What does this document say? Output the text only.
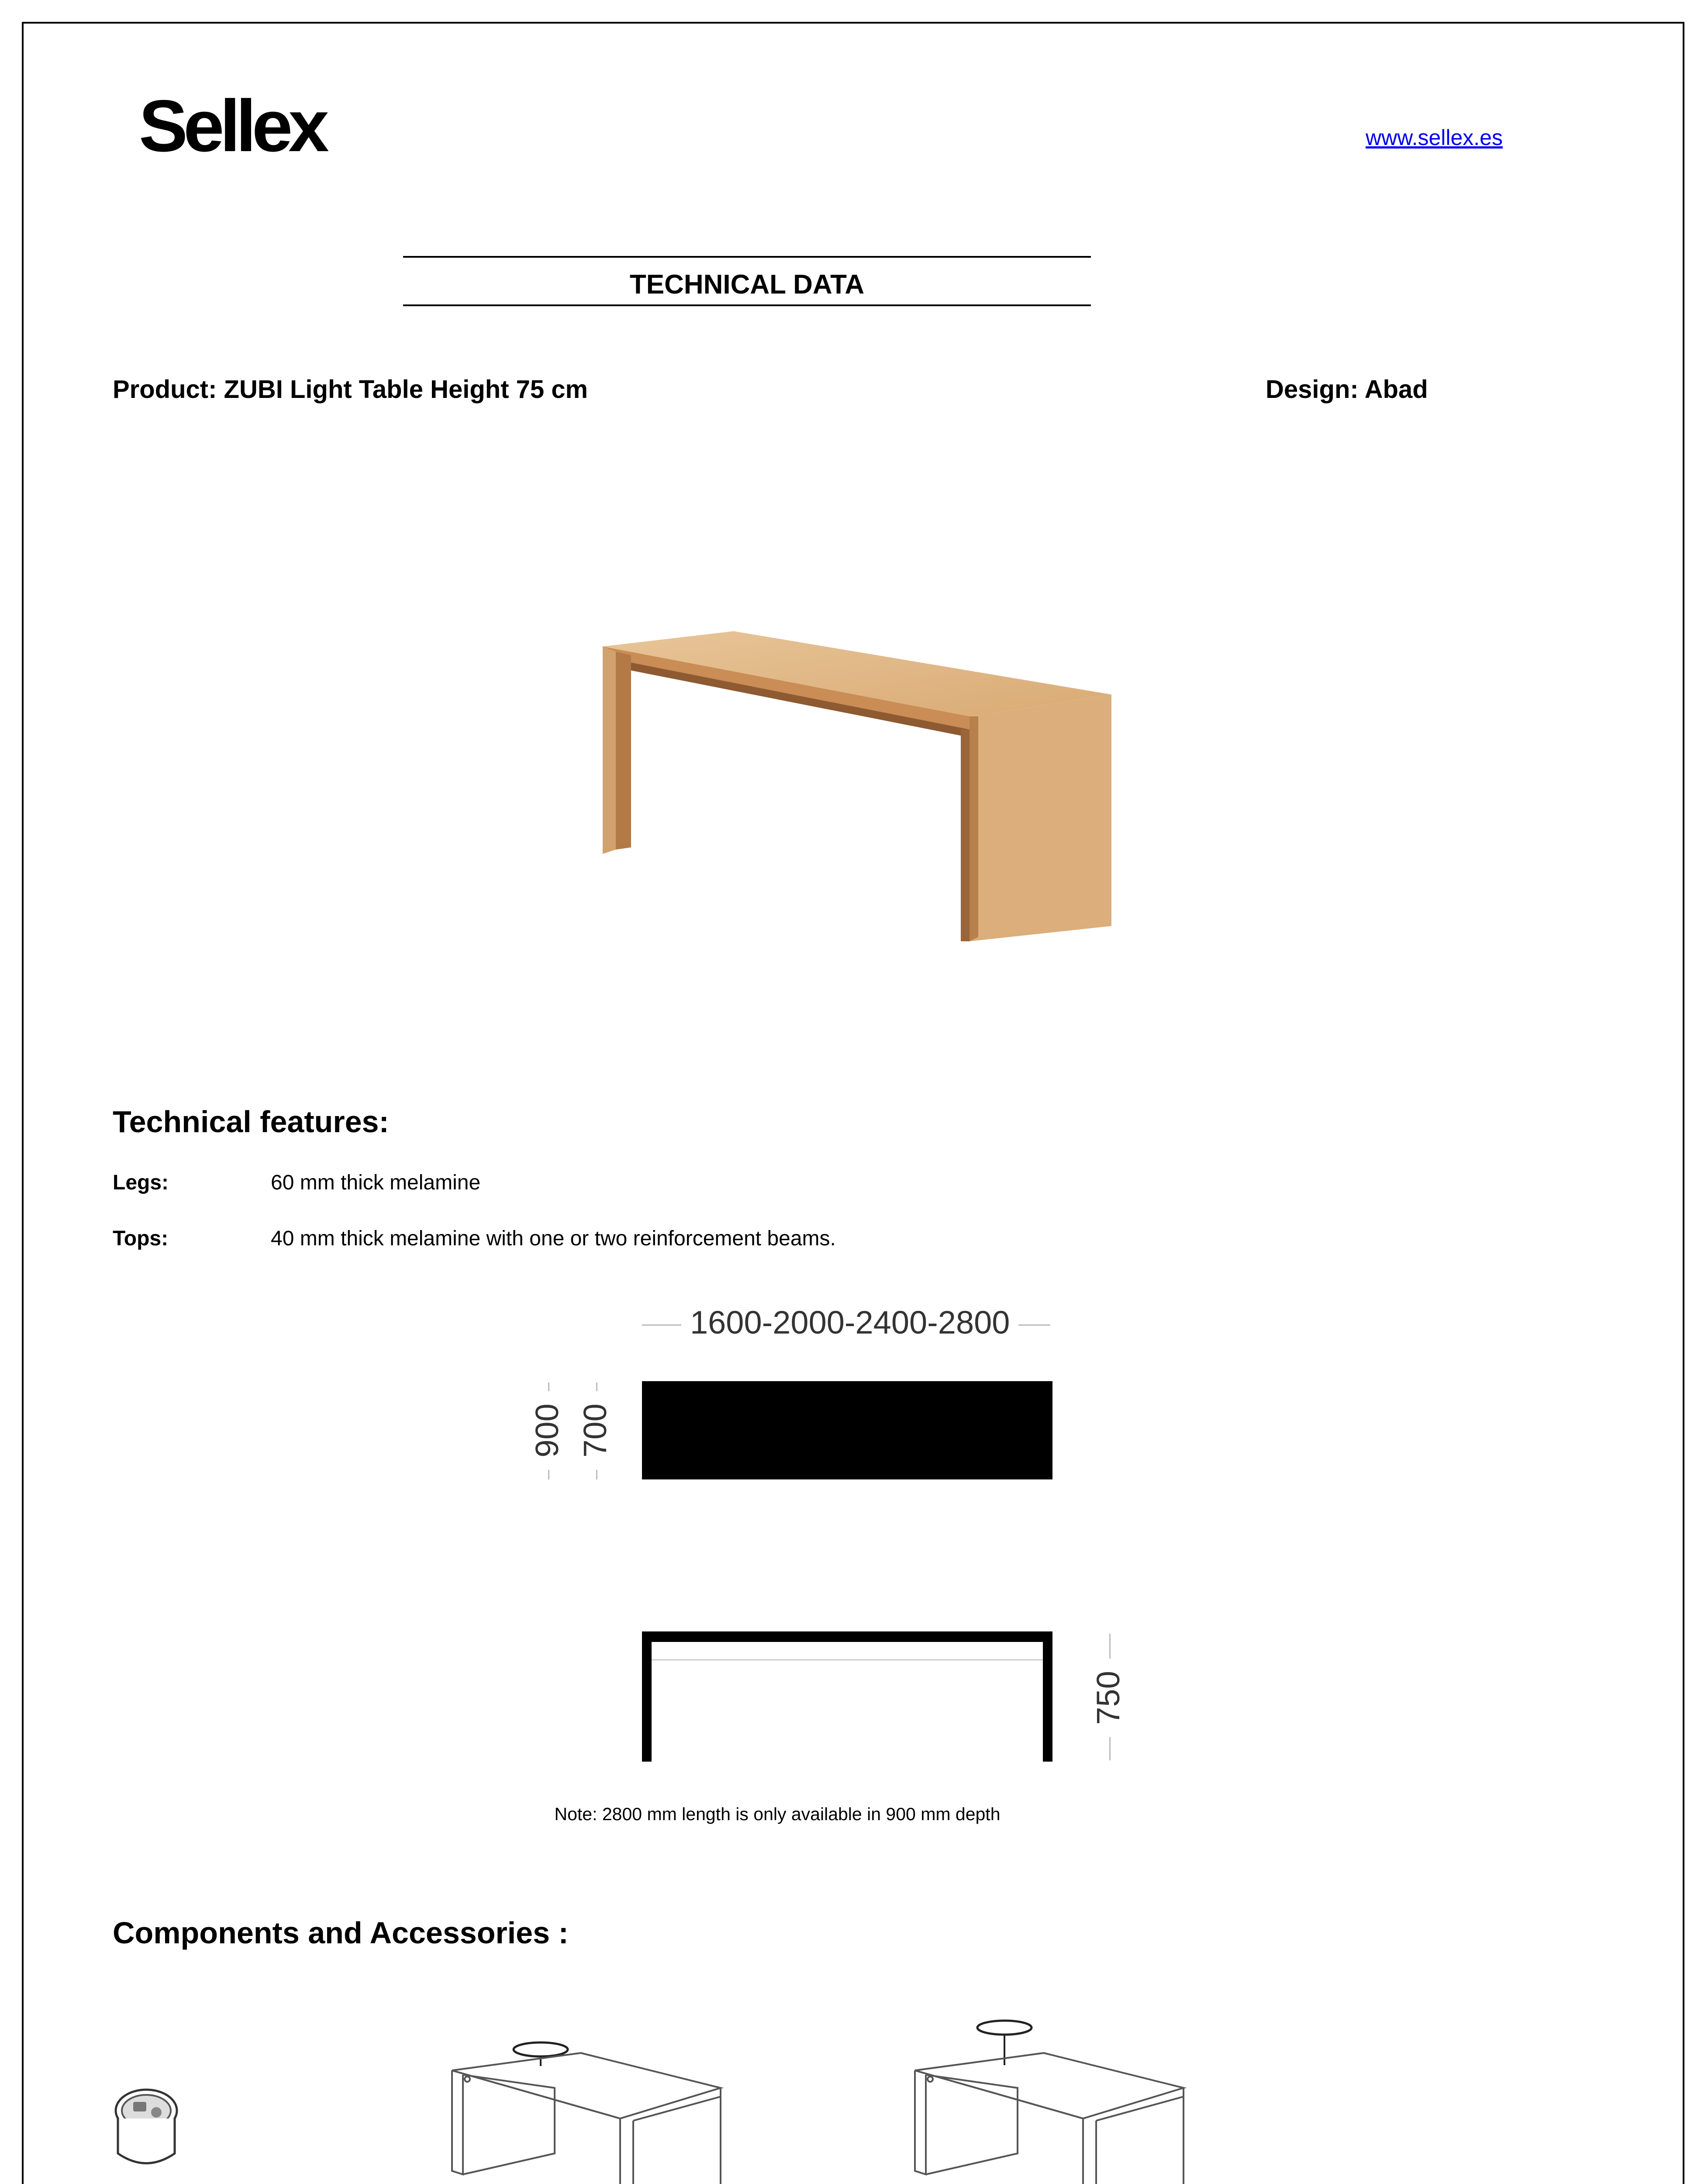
Sellex	www.sellex.es
TECHNICAL DATA
Product: ZUBI Light Table Height 75 cm	Design: Abad
Technical features:
Legs:	60 mm thick melamine
Tops:	40 mm thick melamine with one or two reinforcement beams.
1600-2000-2400-2800
900 700
750
Note: 2800 mm length is only available in 900 mm depth
Components and Accessories :
